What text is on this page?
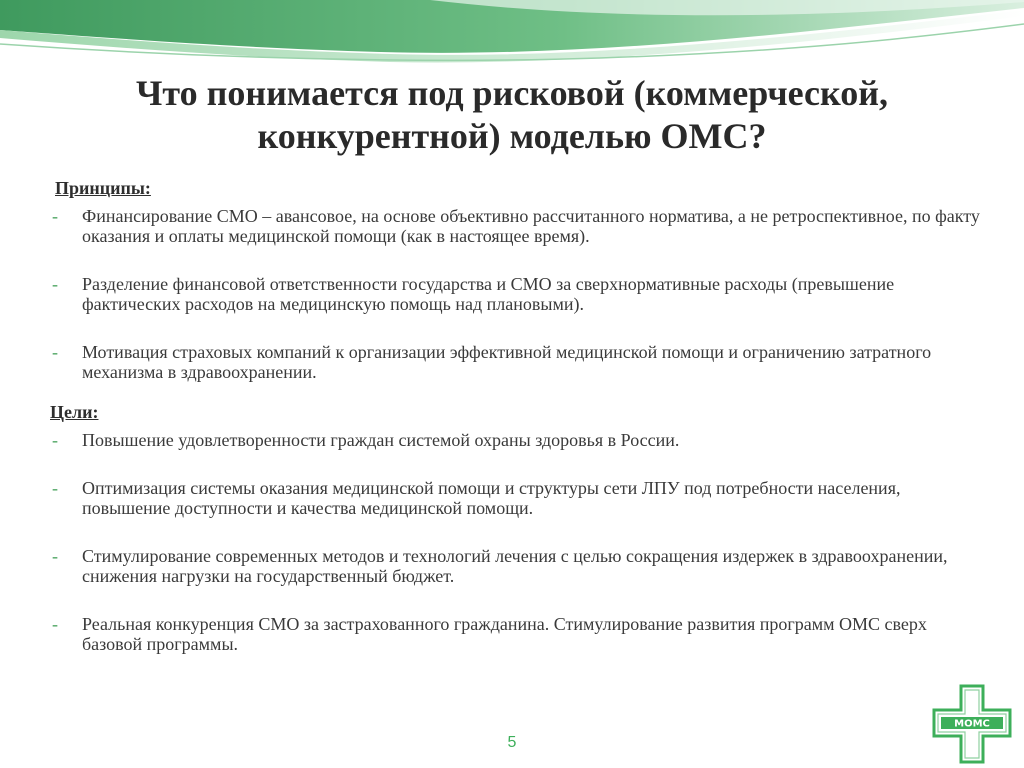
Что понимается под рисковой (коммерческой,
конкурентной) моделью ОМС?

Принципы:

- Финансирование СМО – авансовое, на основе объективно рассчитанного норматива, а не ретроспективное, по факту оказания и оплаты медицинской помощи (как в настоящее время).
- Разделение финансовой ответственности государства и СМО за сверхнормативные расходы (превышение фактических расходов на медицинскую помощь над плановыми).
- Мотивация страховых компаний к организации эффективной медицинской помощи и ограничению затратного механизма в здравоохранении.

Цели:

- Повышение удовлетворенности граждан системой охраны здоровья в России.
- Оптимизация системы оказания медицинской помощи и структуры сети ЛПУ под потребности населения, повышение доступности и качества медицинской помощи.
- Стимулирование современных методов и технологий лечения с целью сокращения издержек в здравоохранении, снижения нагрузки на государственный бюджет.
- Реальная конкуренция СМО за застрахованного гражданина. Стимулирование развития программ ОМС сверх базовой программы.
5
МОМС
